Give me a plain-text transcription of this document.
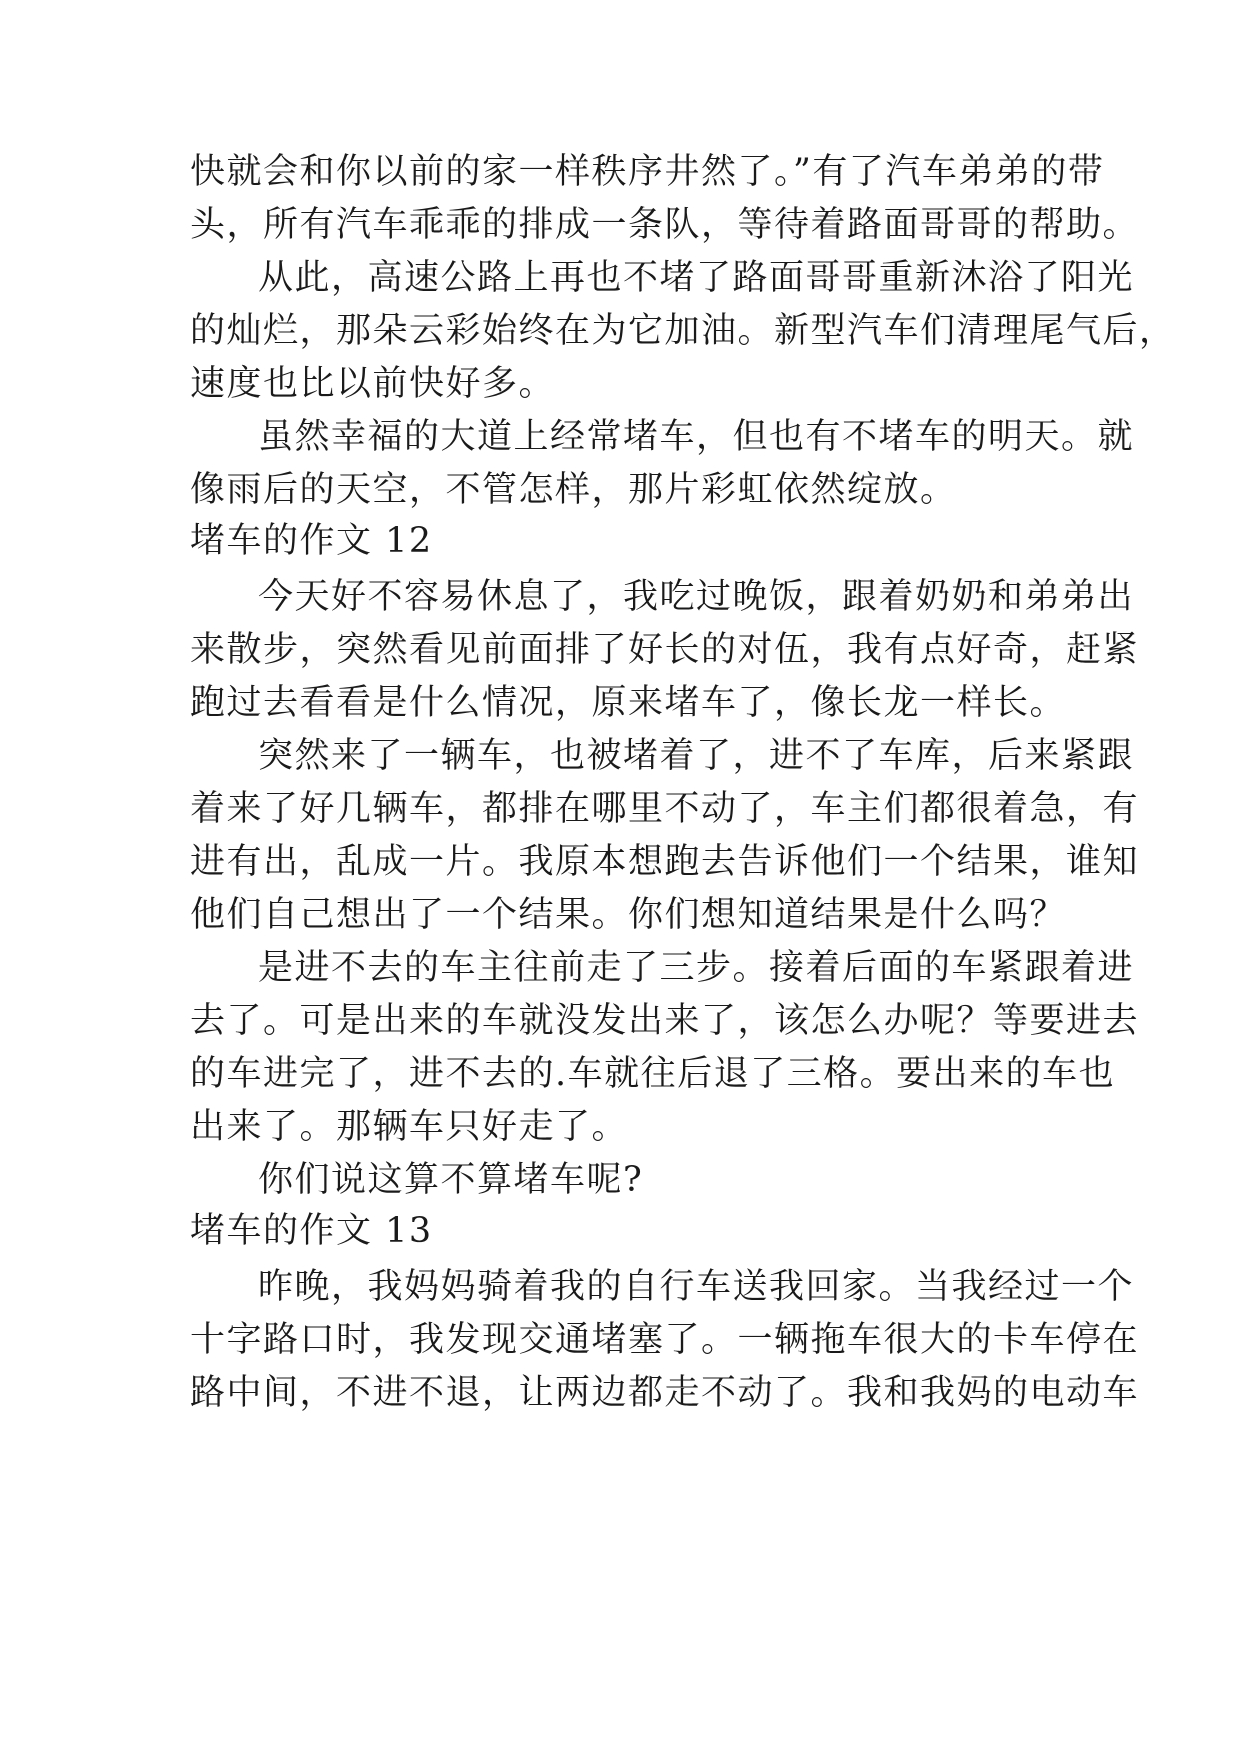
快就会和你以前的家一样秩序井然了。”有了汽车弟弟的带
头，所有汽车乖乖的排成一条队，等待着路面哥哥的帮助。
从此，高速公路上再也不堵了路面哥哥重新沐浴了阳光
的灿烂，那朵云彩始终在为它加油。新型汽车们清理尾气后，
速度也比以前快好多。
虽然幸福的大道上经常堵车，但也有不堵车的明天。就
像雨后的天空，不管怎样，那片彩虹依然绽放。
堵车的作文 12
今天好不容易休息了，我吃过晚饭，跟着奶奶和弟弟出
来散步，突然看见前面排了好长的对伍，我有点好奇，赶紧
跑过去看看是什么情况，原来堵车了，像长龙一样长。
突然来了一辆车，也被堵着了，进不了车库，后来紧跟
着来了好几辆车，都排在哪里不动了，车主们都很着急，有
进有出，乱成一片。我原本想跑去告诉他们一个结果，谁知
他们自己想出了一个结果。你们想知道结果是什么吗？
是进不去的车主往前走了三步。接着后面的车紧跟着进
去了。可是出来的车就没发出来了，该怎么办呢？等要进去
的车进完了，进不去的.车就往后退了三格。要出来的车也
出来了。那辆车只好走了。
你们说这算不算堵车呢?
堵车的作文 13
昨晚，我妈妈骑着我的自行车送我回家。当我经过一个
十字路口时，我发现交通堵塞了。一辆拖车很大的卡车停在
路中间，不进不退，让两边都走不动了。我和我妈的电动车
